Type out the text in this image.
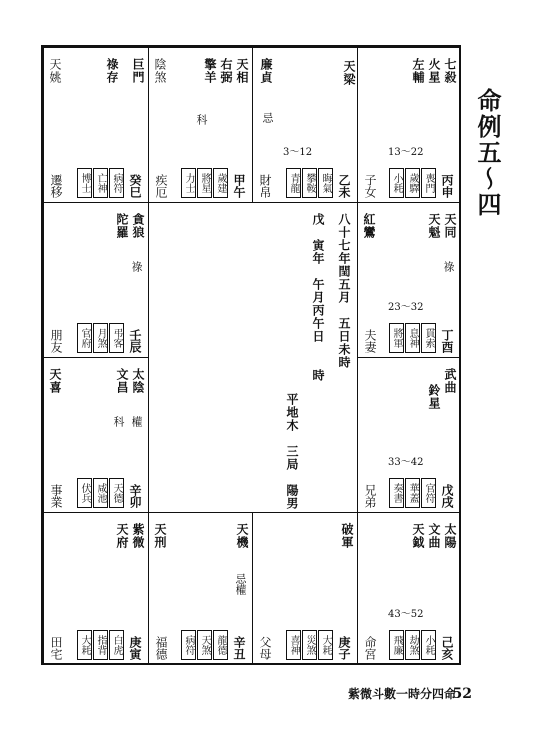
命例五～四
巨門
祿存
天姚
癸巳
遷移	病符
亡神
博士
天相
右弼
擎羊
陰煞
科
甲午
疾厄	歲建
將星
力士
廉貞
忌
3～12
乙未
財帛	晦氣
攀鞍
青龍
七殺
火星
左輔
天梁
13～22
丙申
子女	喪門
歲驛
小耗
貪狼
陀羅
祿
壬辰
朋友	弔客
月煞
官府
天同
天魁
紅鸞
祿
23～32
丁酉
夫妻	貫索
息神
將軍
太陰
文昌
天喜
權
科
辛卯
事業	天德
咸池
伏兵
武曲
鈴星
33～42
戊戌
兄弟	官符
華蓋
奏書
紫微
天府
庚寅
田宅	白虎
指背
大耗
天機
天刑
忌權
辛丑
福德	龍德
天煞
病符
破軍
庚子
父母	大耗
災煞
喜神
太陽
文曲
天鉞
43～52
己亥
命宮	小耗
劫煞
飛廉
八十七年閏五月　五日未時
戊　寅年　午月丙午日　　時
平地木　三局　陽男
紫微斗數一時分四命
52
